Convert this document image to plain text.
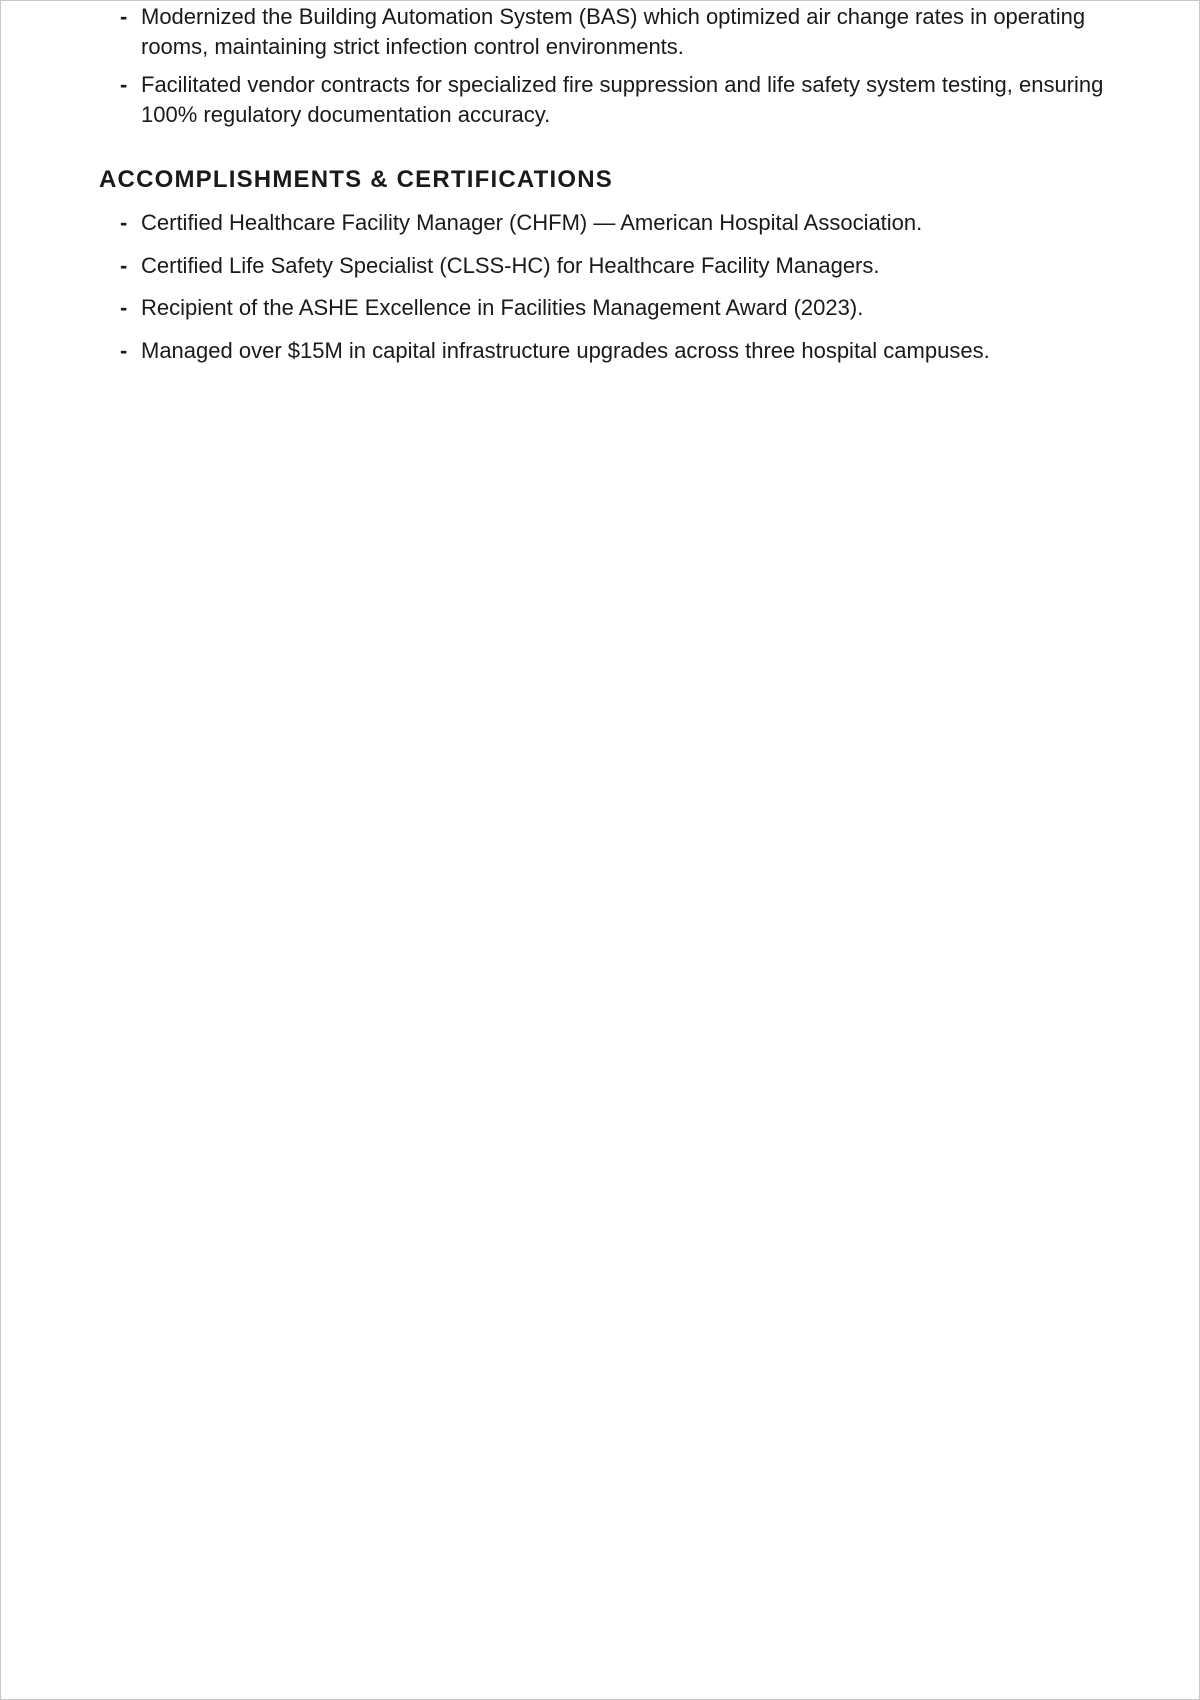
- Modernized the Building Automation System (BAS) which optimized air change rates in operating rooms, maintaining strict infection control environments.
- Facilitated vendor contracts for specialized fire suppression and life safety system testing, ensuring 100% regulatory documentation accuracy.
ACCOMPLISHMENTS & CERTIFICATIONS
- Certified Healthcare Facility Manager (CHFM) — American Hospital Association.
- Certified Life Safety Specialist (CLSS-HC) for Healthcare Facility Managers.
- Recipient of the ASHE Excellence in Facilities Management Award (2023).
- Managed over $15M in capital infrastructure upgrades across three hospital campuses.
